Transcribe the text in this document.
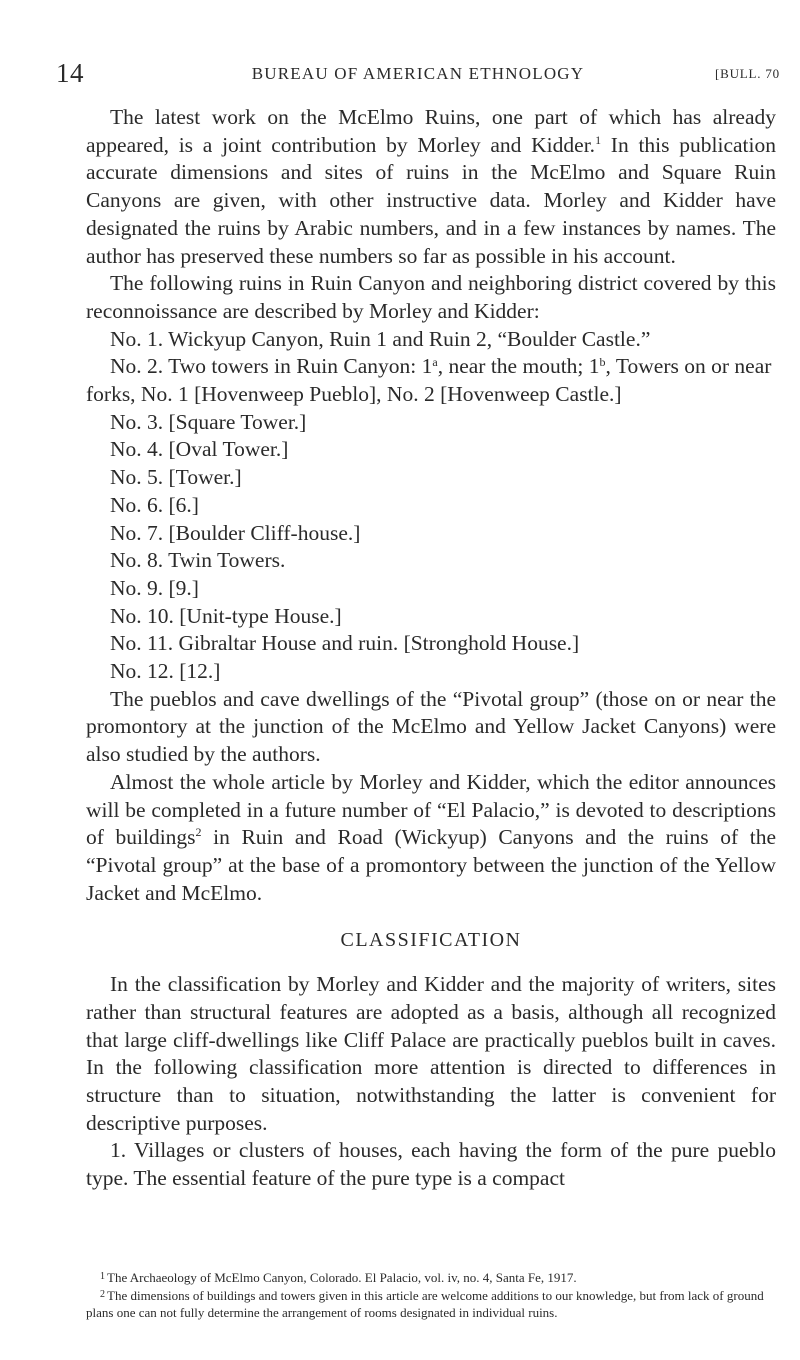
14	BUREAU OF AMERICAN ETHNOLOGY	[BULL. 70

The latest work on the McElmo Ruins, one part of which has already appeared, is a joint contribution by Morley and Kidder.$^1$ In this publication accurate dimensions and sites of ruins in the McElmo and Square Ruin Canyons are given, with other instructive data. Morley and Kidder have designated the ruins by Arabic numbers, and in a few instances by names. The author has preserved these numbers so far as possible in his account.

The following ruins in Ruin Canyon and neighboring district covered by this reconnoissance are described by Morley and Kidder:

No. 1. Wickyup Canyon, Ruin 1 and Ruin 2, “Boulder Castle.”

No. 2. Two towers in Ruin Canyon: 1$^a$, near the mouth; 1$^b$, Towers on or near forks, No. 1 [Hovenweep Pueblo], No. 2 [Hovenweep Castle.]

No. 3. [Square Tower.]

No. 4. [Oval Tower.]

No. 5. [Tower.]

No. 6. [6.]

No. 7. [Boulder Cliff-house.]

No. 8. Twin Towers.

No. 9. [9.]

No. 10. [Unit-type House.]

No. 11. Gibraltar House and ruin. [Stronghold House.]

No. 12. [12.]

The pueblos and cave dwellings of the “Pivotal group” (those on or near the promontory at the junction of the McElmo and Yellow Jacket Canyons) were also studied by the authors.

Almost the whole article by Morley and Kidder, which the editor announces will be completed in a future number of “El Palacio,” is devoted to descriptions of buildings$^2$ in Ruin and Road (Wickyup) Canyons and the ruins of the “Pivotal group” at the base of a promontory between the junction of the Yellow Jacket and McElmo.

CLASSIFICATION

In the classification by Morley and Kidder and the majority of writers, sites rather than structural features are adopted as a basis, although all recognized that large cliff-dwellings like Cliff Palace are practically pueblos built in caves. In the following classification more attention is directed to differences in structure than to situation, notwithstanding the latter is convenient for descriptive purposes.

1. Villages or clusters of houses, each having the form of the pure pueblo type. The essential feature of the pure type is a compact

$^1$ The Archaeology of McElmo Canyon, Colorado. El Palacio, vol. iv, no. 4, Santa Fe, 1917.

$^2$ The dimensions of buildings and towers given in this article are welcome additions to our knowledge, but from lack of ground plans one can not fully determine the arrangement of rooms designated in individual ruins.
